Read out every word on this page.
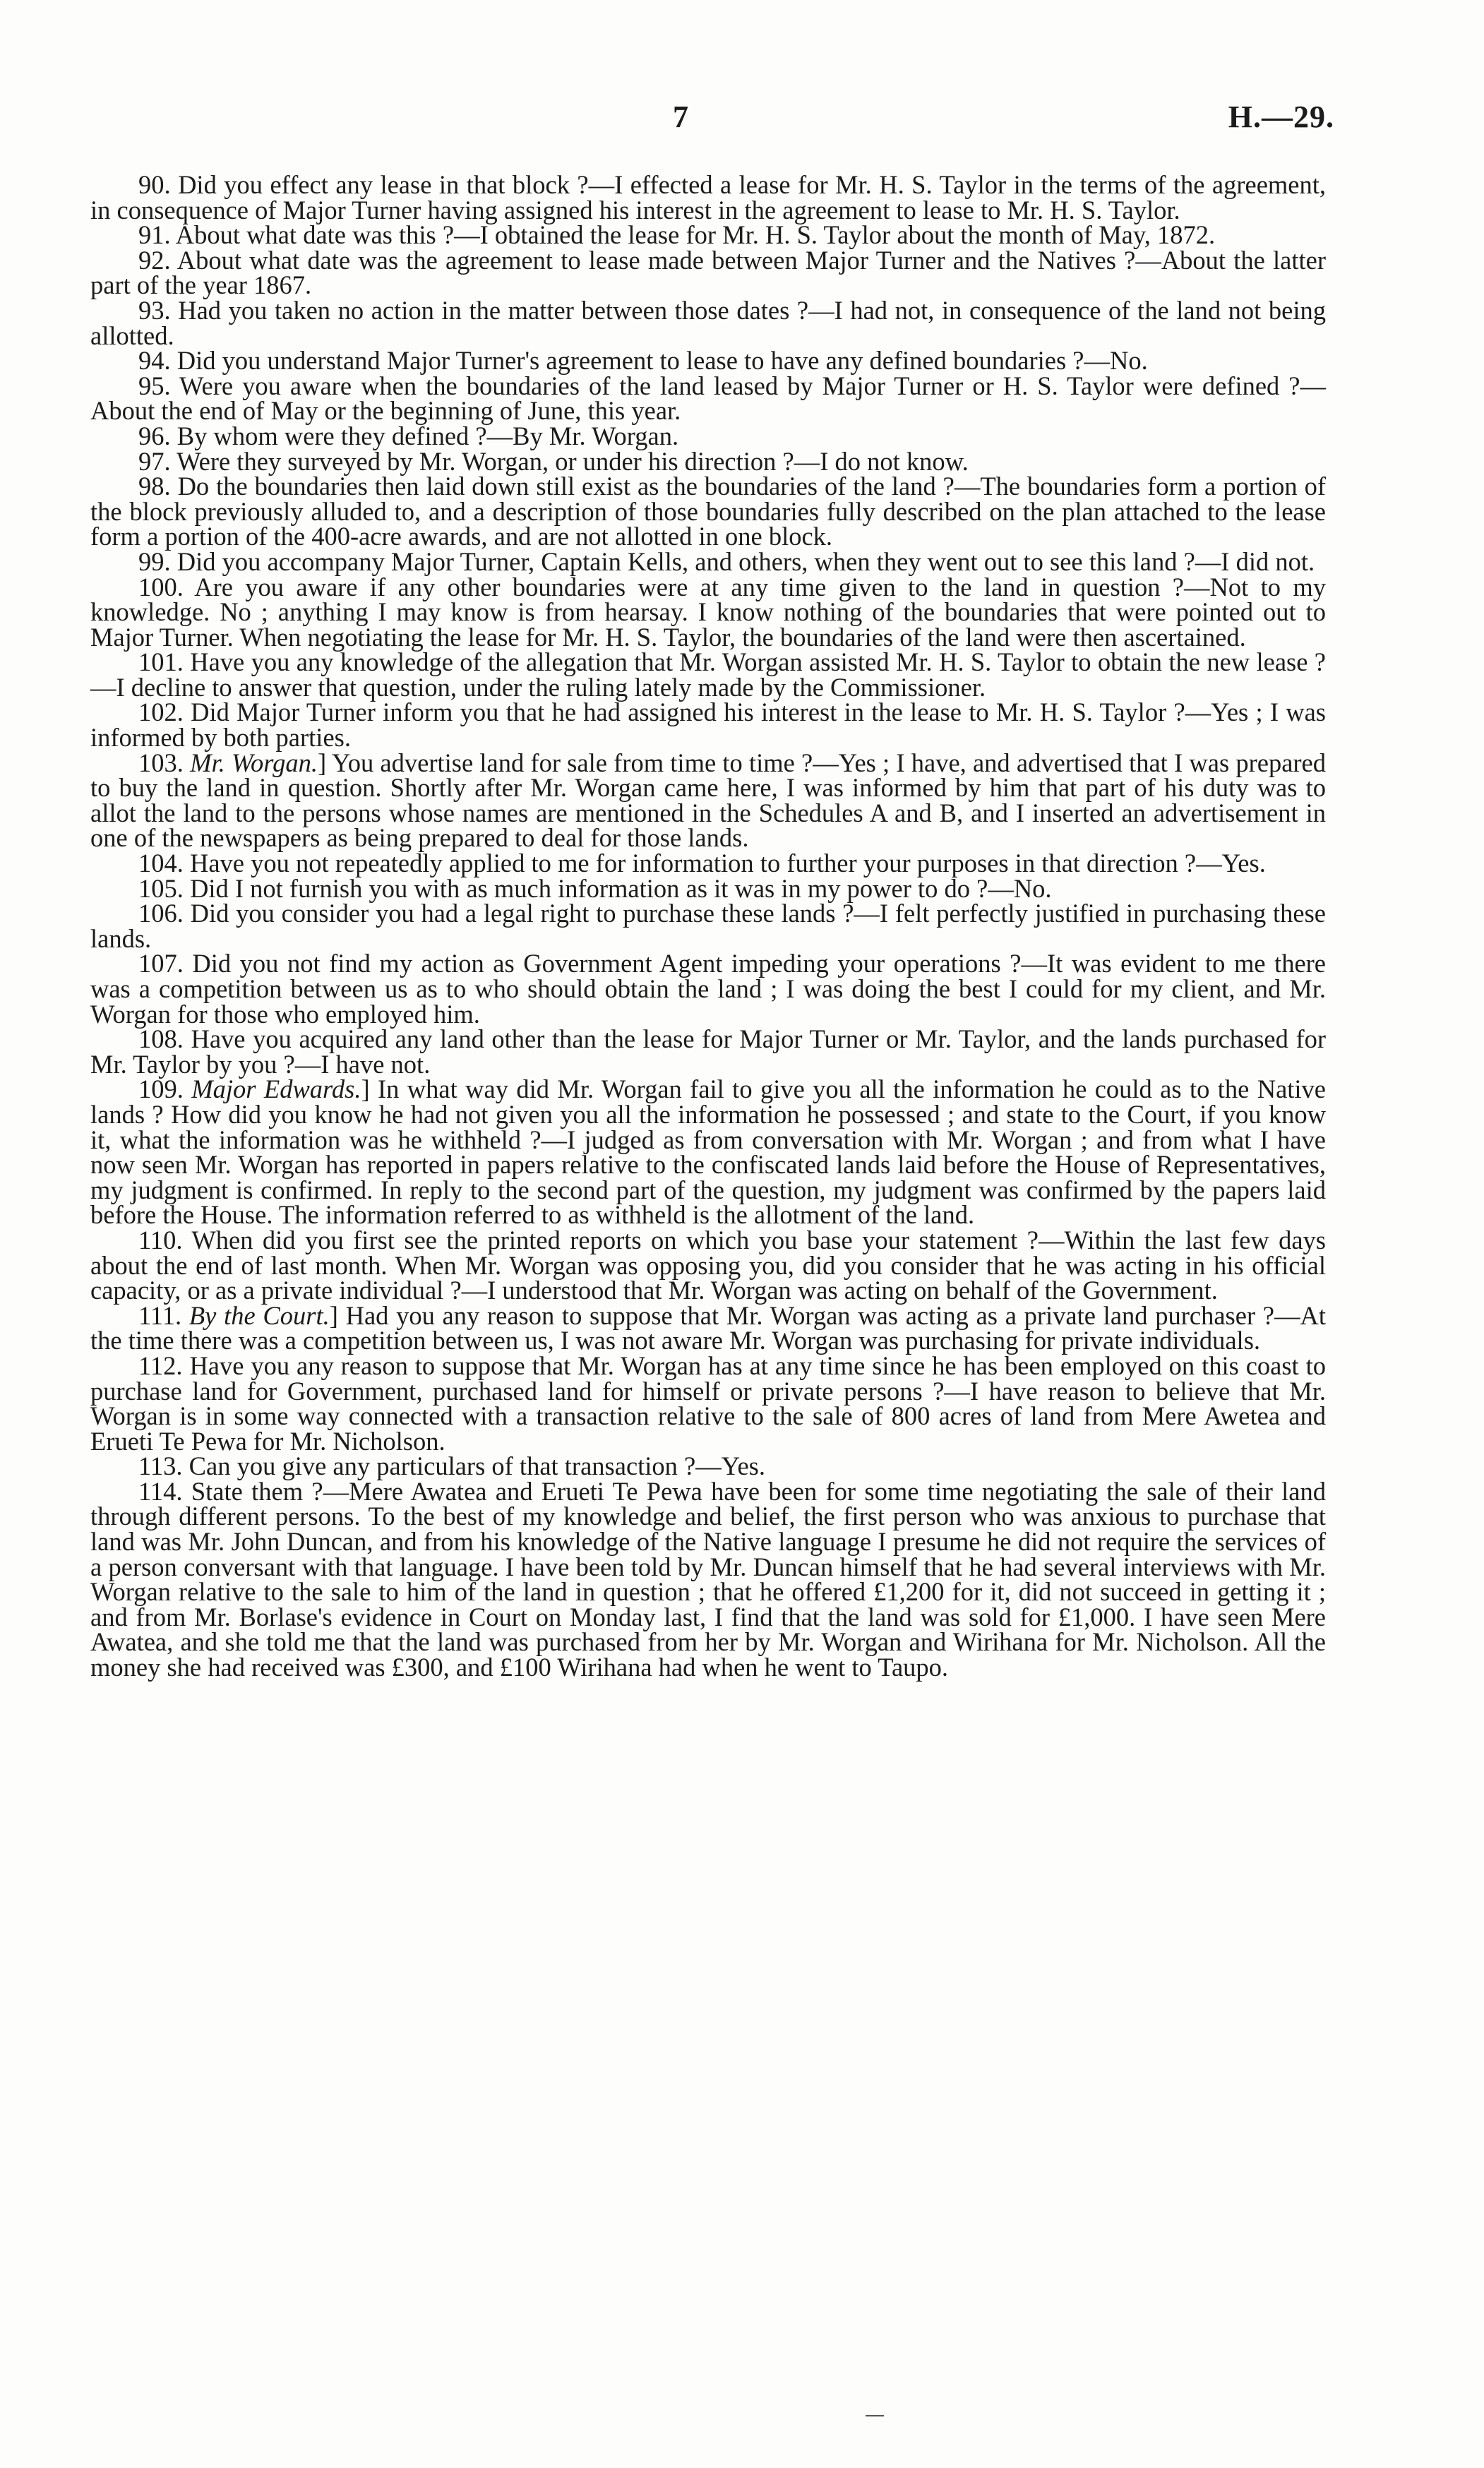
7	H.—29.

90. Did you effect any lease in that block ?—I effected a lease for Mr. H. S. Taylor in the terms of the agreement, in consequence of Major Turner having assigned his interest in the agreement to lease to Mr. H. S. Taylor.

91. About what date was this ?—I obtained the lease for Mr. H. S. Taylor about the month of May, 1872.

92. About what date was the agreement to lease made between Major Turner and the Natives ?—About the latter part of the year 1867.

93. Had you taken no action in the matter between those dates ?—I had not, in consequence of the land not being allotted.

94. Did you understand Major Turner's agreement to lease to have any defined boundaries ?—No.

95. Were you aware when the boundaries of the land leased by Major Turner or H. S. Taylor were defined ?—About the end of May or the beginning of June, this year.

96. By whom were they defined ?—By Mr. Worgan.

97. Were they surveyed by Mr. Worgan, or under his direction ?—I do not know.

98. Do the boundaries then laid down still exist as the boundaries of the land ?—The boundaries form a portion of the block previously alluded to, and a description of those boundaries fully described on the plan attached to the lease form a portion of the 400-acre awards, and are not allotted in one block.

99. Did you accompany Major Turner, Captain Kells, and others, when they went out to see this land ?—I did not.

100. Are you aware if any other boundaries were at any time given to the land in question ?—Not to my knowledge. No ; anything I may know is from hearsay. I know nothing of the boundaries that were pointed out to Major Turner. When negotiating the lease for Mr. H. S. Taylor, the boundaries of the land were then ascertained.

101. Have you any knowledge of the allegation that Mr. Worgan assisted Mr. H. S. Taylor to obtain the new lease ?—I decline to answer that question, under the ruling lately made by the Commissioner.

102. Did Major Turner inform you that he had assigned his interest in the lease to Mr. H. S. Taylor ?—Yes ; I was informed by both parties.

103. Mr. Worgan.] You advertise land for sale from time to time ?—Yes ; I have, and advertised that I was prepared to buy the land in question. Shortly after Mr. Worgan came here, I was informed by him that part of his duty was to allot the land to the persons whose names are mentioned in the Schedules A and B, and I inserted an advertisement in one of the newspapers as being prepared to deal for those lands.

104. Have you not repeatedly applied to me for information to further your purposes in that direction ?—Yes.

105. Did I not furnish you with as much information as it was in my power to do ?—No.

106. Did you consider you had a legal right to purchase these lands ?—I felt perfectly justified in purchasing these lands.

107. Did you not find my action as Government Agent impeding your operations ?—It was evident to me there was a competition between us as to who should obtain the land ; I was doing the best I could for my client, and Mr. Worgan for those who employed him.

108. Have you acquired any land other than the lease for Major Turner or Mr. Taylor, and the lands purchased for Mr. Taylor by you ?—I have not.

109. Major Edwards.] In what way did Mr. Worgan fail to give you all the information he could as to the Native lands ? How did you know he had not given you all the information he possessed ; and state to the Court, if you know it, what the information was he withheld ?—I judged as from conversation with Mr. Worgan ; and from what I have now seen Mr. Worgan has reported in papers relative to the confiscated lands laid before the House of Representatives, my judgment is confirmed. In reply to the second part of the question, my judgment was confirmed by the papers laid before the House. The information referred to as withheld is the allotment of the land.

110. When did you first see the printed reports on which you base your statement ?—Within the last few days about the end of last month. When Mr. Worgan was opposing you, did you consider that he was acting in his official capacity, or as a private individual ?—I understood that Mr. Worgan was acting on behalf of the Government.

111. By the Court.] Had you any reason to suppose that Mr. Worgan was acting as a private land purchaser ?—At the time there was a competition between us, I was not aware Mr. Worgan was purchasing for private individuals.

112. Have you any reason to suppose that Mr. Worgan has at any time since he has been employed on this coast to purchase land for Government, purchased land for himself or private persons ?—I have reason to believe that Mr. Worgan is in some way connected with a transaction relative to the sale of 800 acres of land from Mere Awetea and Erueti Te Pewa for Mr. Nicholson.

113. Can you give any particulars of that transaction ?—Yes.

114. State them ?—Mere Awatea and Erueti Te Pewa have been for some time negotiating the sale of their land through different persons. To the best of my knowledge and belief, the first person who was anxious to purchase that land was Mr. John Duncan, and from his knowledge of the Native language I presume he did not require the services of a person conversant with that language. I have been told by Mr. Duncan himself that he had several interviews with Mr. Worgan relative to the sale to him of the land in question ; that he offered £1,200 for it, did not succeed in getting it ; and from Mr. Borlase's evidence in Court on Monday last, I find that the land was sold for £1,000. I have seen Mere Awatea, and she told me that the land was purchased from her by Mr. Worgan and Wirihana for Mr. Nicholson. All the money she had received was £300, and £100 Wirihana had when he went to Taupo.
